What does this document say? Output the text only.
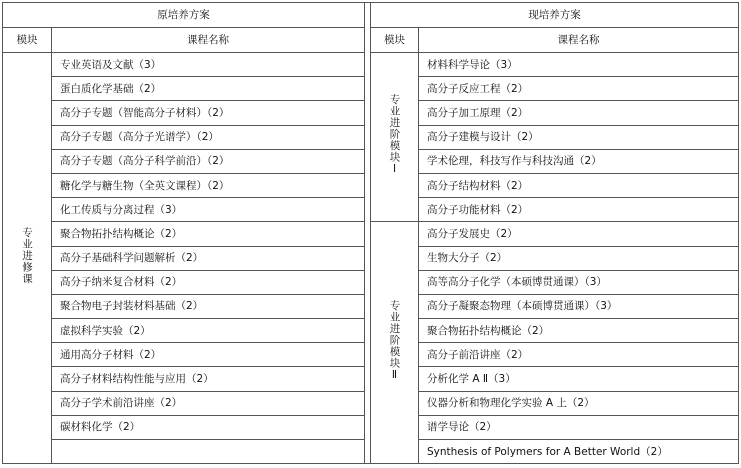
原培养方案			现培养方案	
模块	课程名称		模块	课程名称
专业进修课	专业英语及文献（3）		专业进阶模块Ⅰ	材料科学导论（3）
	蛋白质化学基础（2）			高分子反应工程（2）
	高分子专题（智能高分子材料）（2）			高分子加工原理（2）
	高分子专题（高分子光谱学）（2）			高分子建模与设计（2）
	高分子专题（高分子科学前沿）（2）			学术伦理，科技写作与科技沟通（2）
	糖化学与糖生物（全英文课程）（2）			高分子结构材料（2）
	化工传质与分离过程（3）			高分子功能材料（2）
	聚合物拓扑结构概论（2）		专业进阶模块Ⅱ	高分子发展史（2）
	高分子基础科学问题解析（2）			生物大分子（2）
	高分子纳米复合材料（2）			高等高分子化学（本硕博贯通课）（3）
	聚合物电子封装材料基础（2）			高分子凝聚态物理（本硕博贯通课）（3）
	虚拟科学实验（2）			聚合物拓扑结构概论（2）
	通用高分子材料（2）			高分子前沿讲座（2）
	高分子材料结构性能与应用（2）			分析化学 A Ⅱ（3）
	高分子学术前沿讲座（2）			仪器分析和物理化学实验 A 上（2）
	碳材料化学（2）			谱学导论（2）
				Synthesis of Polymers for A Better World（2）
